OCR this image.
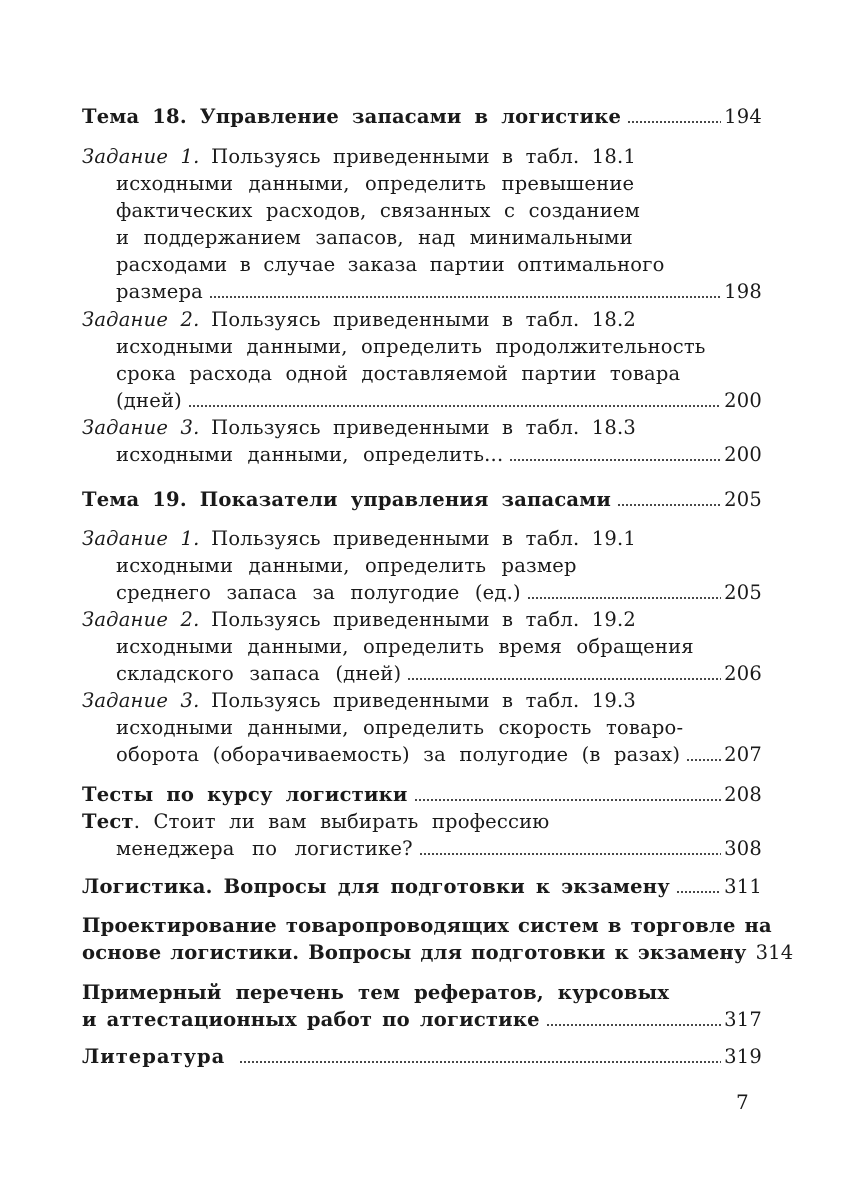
Тема 18. Управление запасами в логистике	194
Задание 1. Пользуясь приведенными в табл. 18.1
исходными данными, определить превышение
фактических расходов, связанных с созданием
и поддержанием запасов, над минимальными
расходами в случае заказа партии оптимального
размера	198
Задание 2. Пользуясь приведенными в табл. 18.2
исходными данными, определить продолжительность
срока расхода одной доставляемой партии товара
(дней)	200
Задание 3. Пользуясь приведенными в табл. 18.3
исходными данными, определить...	200
Тема 19. Показатели управления запасами	205
Задание 1. Пользуясь приведенными в табл. 19.1
исходными данными, определить размер
среднего запаса за полугодие (ед.)	205
Задание 2. Пользуясь приведенными в табл. 19.2
исходными данными, определить время обращения
складского запаса (дней)	206
Задание 3. Пользуясь приведенными в табл. 19.3
исходными данными, определить скорость товаро-
оборота (оборачиваемость) за полугодие (в разах) 207
Тесты по курсу логистики	208
Тест. Стоит ли вам выбирать профессию
менеджера по логистике?	308
Логистика. Вопросы для подготовки к экзамену	311
Проектирование товаропроводящих систем в торговле на
основе логистики. Вопросы для подготовки к экзамену 314
Примерный перечень тем рефератов, курсовых
и аттестационных работ по логистике	317
Литература	319
7
